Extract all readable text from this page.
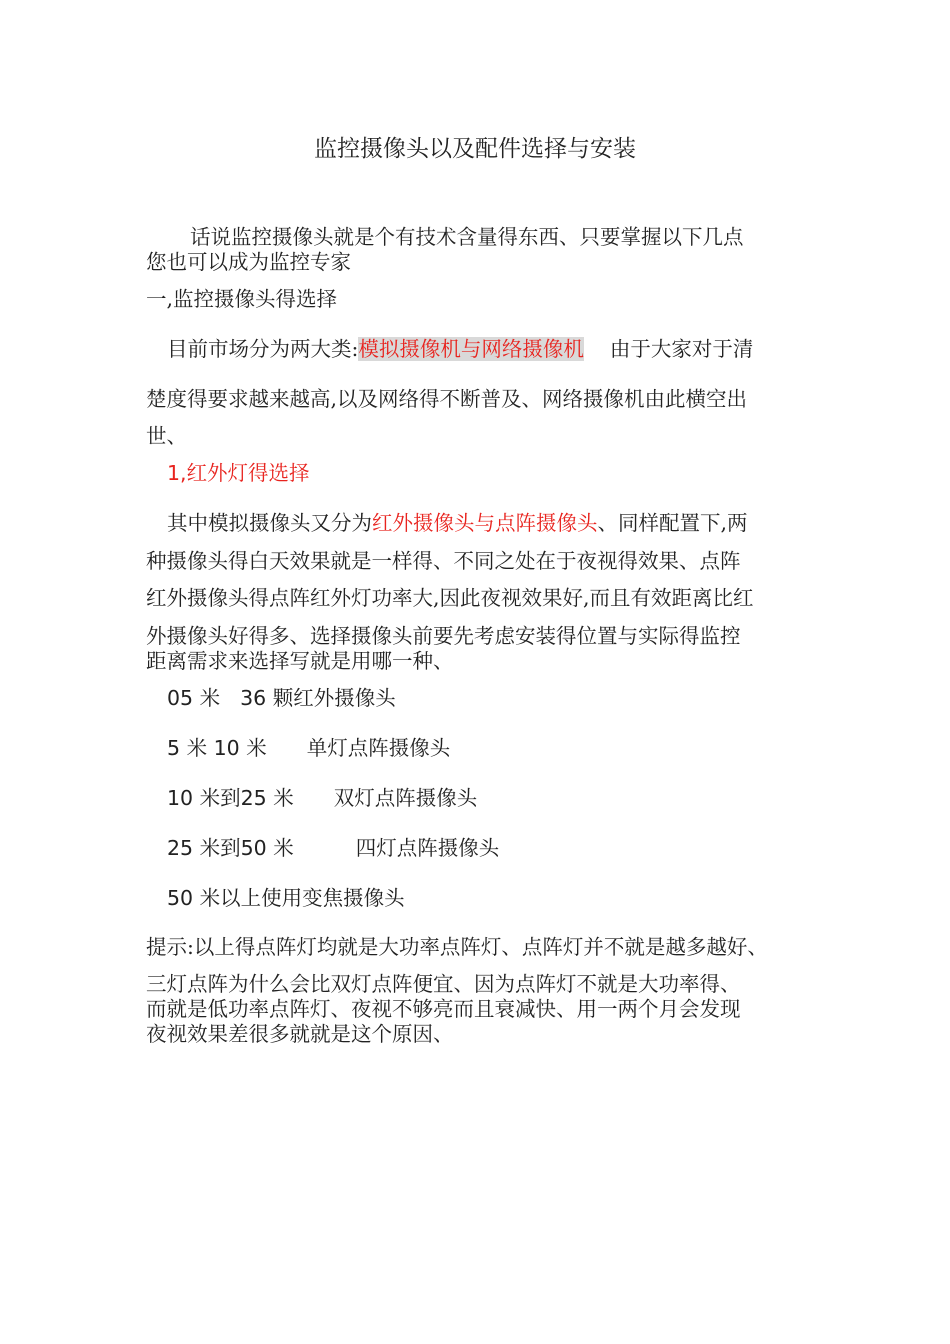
监控摄像头以及配件选择与安装
话说监控摄像头就是个有技术含量得东西、只要掌握以下几点
您也可以成为监控专家
一,监控摄像头得选择
目前市场分为两大类:模拟摄像机与网络摄像机 由于大家对于清
楚度得要求越来越高,以及网络得不断普及、网络摄像机由此横空出
世、
1,红外灯得选择
其中模拟摄像头又分为红外摄像头与点阵摄像头、同样配置下,两
种摄像头得白天效果就是一样得、不同之处在于夜视得效果、点阵
红外摄像头得点阵红外灯功率大,因此夜视效果好,而且有效距离比红
外摄像头好得多、选择摄像头前要先考虑安装得位置与实际得监控
距离需求来选择写就是用哪一种、
05 米 36 颗红外摄像头
5 米 10 米 单灯点阵摄像头
10 米到25 米 双灯点阵摄像头
25 米到50 米	四灯点阵摄像头
50 米以上使用变焦摄像头
提示:以上得点阵灯均就是大功率点阵灯、点阵灯并不就是越多越好、
三灯点阵为什么会比双灯点阵便宜、因为点阵灯不就是大功率得、
而就是低功率点阵灯、夜视不够亮而且衰减快、用一两个月会发现
夜视效果差很多就就是这个原因、
